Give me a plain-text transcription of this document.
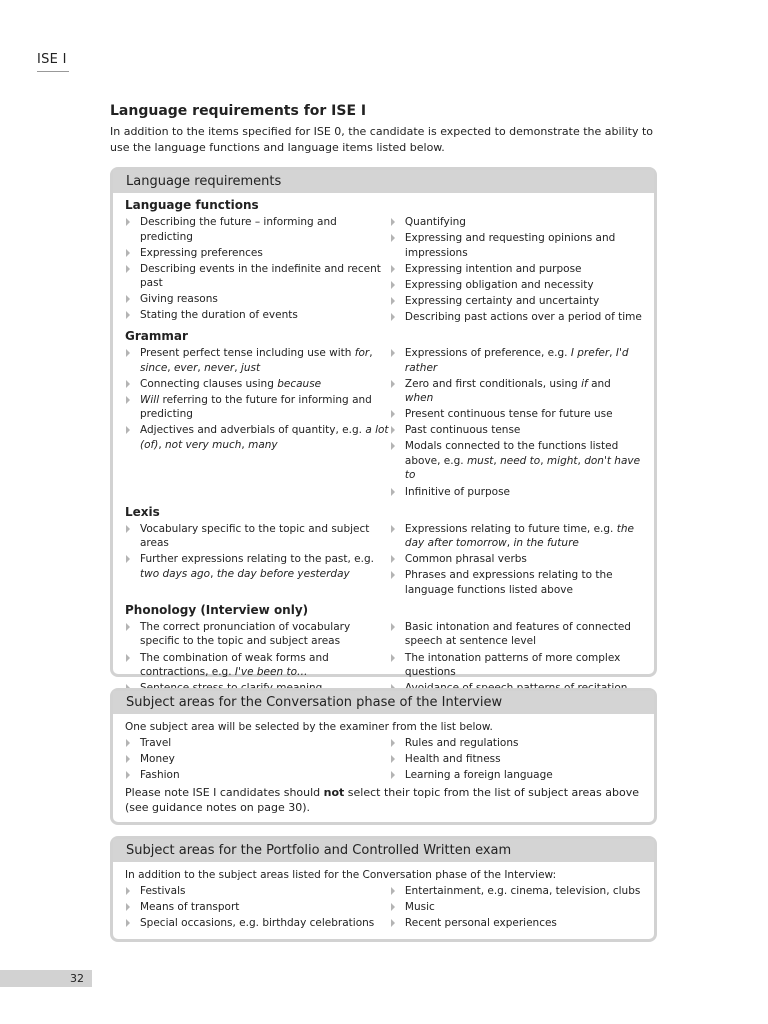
ISE I
Language requirements for ISE I

In addition to the items specified for ISE 0, the candidate is expected to demonstrate the ability to use the language functions and language items listed below.

Language requirements
Language functions
Describing the future – informing and predicting
Expressing preferences
Describing events in the indefinite and recent past
Giving reasons
Stating the duration of events
Quantifying
Expressing and requesting opinions and impressions
Expressing intention and purpose
Expressing obligation and necessity
Expressing certainty and uncertainty
Describing past actions over a period of time
Grammar
Present perfect tense including use with for, since, ever, never, just
Connecting clauses using because
Will referring to the future for informing and predicting
Adjectives and adverbials of quantity, e.g. a lot (of), not very much, many
Expressions of preference, e.g. I prefer, I'd rather
Zero and first conditionals, using if and when
Present continuous tense for future use
Past continuous tense
Modals connected to the functions listed above, e.g. must, need to, might, don't have to
Infinitive of purpose
Lexis
Vocabulary specific to the topic and subject areas
Further expressions relating to the past, e.g. two days ago, the day before yesterday
Expressions relating to future time, e.g. the day after tomorrow, in the future
Common phrasal verbs
Phrases and expressions relating to the language functions listed above
Phonology (Interview only)
The correct pronunciation of vocabulary specific to the topic and subject areas
The combination of weak forms and contractions, e.g. I've been to…
Basic intonation and features of connected speech at sentence level
The intonation patterns of more complex questions
Subject areas for the Conversation phase of the Interview

One subject area will be selected by the examiner from the list below.

Travel
Money
Fashion
Rules and regulations
Health and fitness
Learning a foreign language

Please note ISE I candidates should not select their topic from the list of subject areas above (see guidance notes on page 30).

Subject areas for the Portfolio and Controlled Written exam

In addition to the subject areas listed for the Conversation phase of the Interview:

Festivals
Means of transport
Special occasions, e.g. birthday celebrations
Entertainment, e.g. cinema, television, clubs
Music
Recent personal experiences
32
